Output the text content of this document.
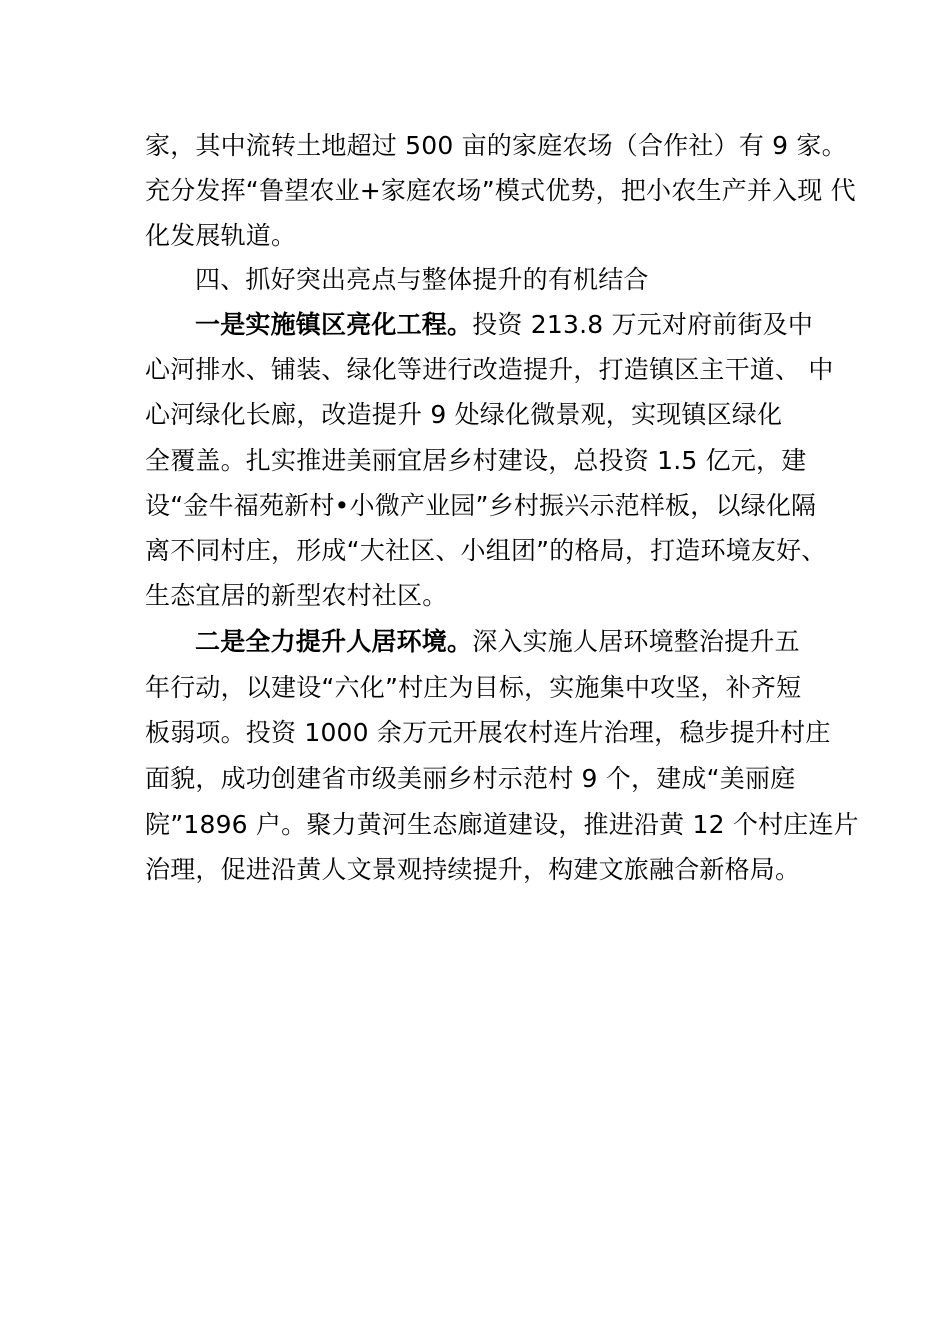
家，其中流转土地超过 500 亩的家庭农场（合作社）有 9 家。
充分发挥“鲁望农业+家庭农场”模式优势，把小农生产并入现 代
化发展轨道。
四、抓好突出亮点与整体提升的有机结合
一是实施镇区亮化工程。投资 213.8 万元对府前街及中
心河排水、铺装、绿化等进行改造提升，打造镇区主干道、 中
心河绿化长廊，改造提升 9 处绿化微景观，实现镇区绿化
全覆盖。扎实推进美丽宜居乡村建设，总投资 1.5 亿元，建
设“金牛福苑新村•小微产业园”乡村振兴示范样板，以绿化隔
离不同村庄，形成“大社区、小组团”的格局，打造环境友好、
生态宜居的新型农村社区。
二是全力提升人居环境。深入实施人居环境整治提升五
年行动，以建设“六化”村庄为目标，实施集中攻坚，补齐短
板弱项。投资 1000 余万元开展农村连片治理，稳步提升村庄
面貌，成功创建省市级美丽乡村示范村 9 个，建成“美丽庭
院”1896 户。聚力黄河生态廊道建设，推进沿黄 12 个村庄连片
治理，促进沿黄人文景观持续提升，构建文旅融合新格局。
